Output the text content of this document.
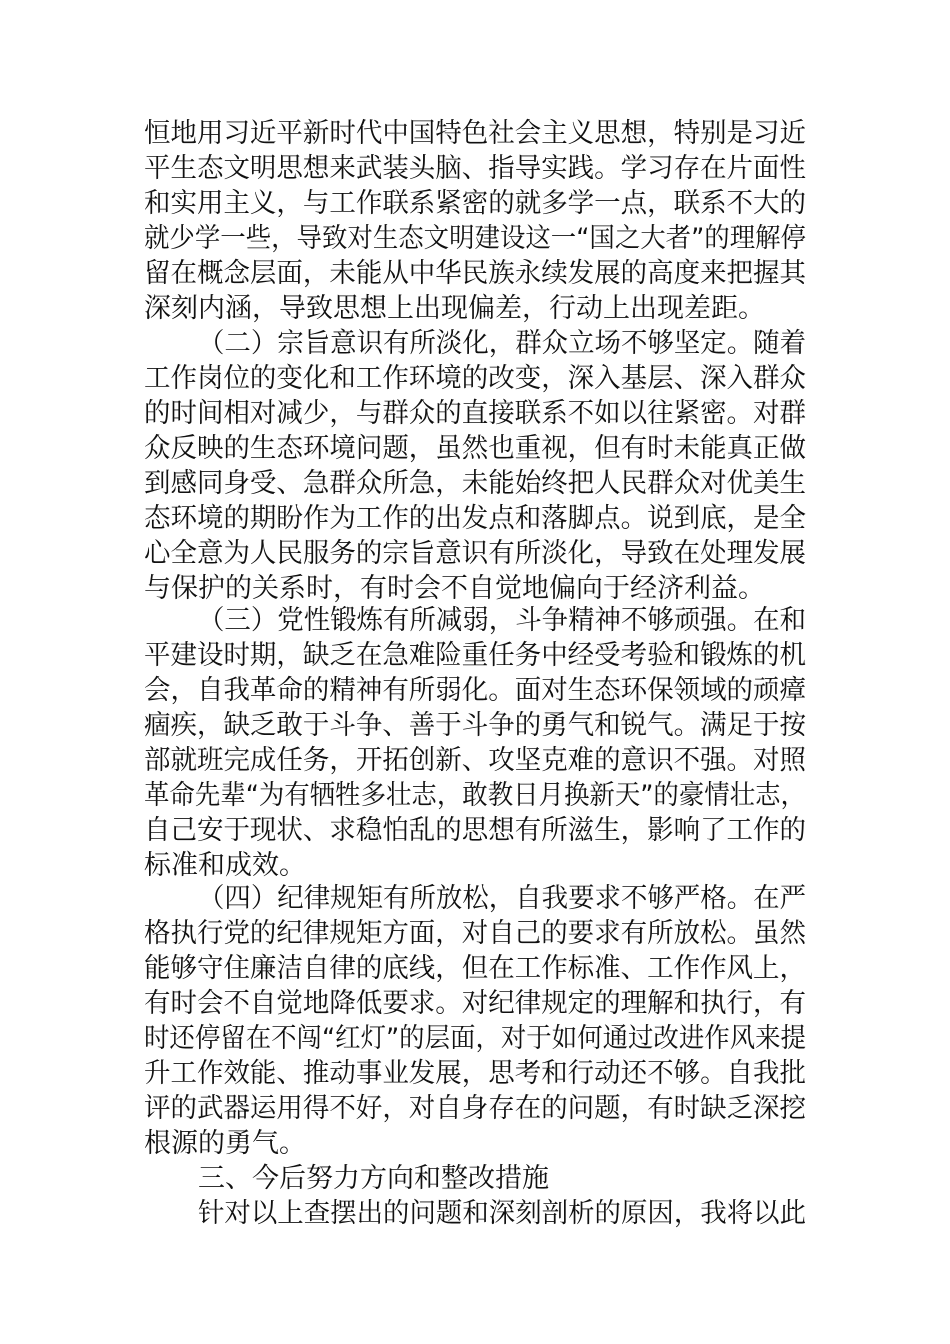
恒地用习近平新时代中国特色社会主义思想，特别是习近
平生态文明思想来武装头脑、指导实践。学习存在片面性
和实用主义，与工作联系紧密的就多学一点，联系不大的
就少学一些，导致对生态文明建设这一“国之大者”的理解停
留在概念层面，未能从中华民族永续发展的高度来把握其
深刻内涵，导致思想上出现偏差，行动上出现差距。
（二）宗旨意识有所淡化，群众立场不够坚定。随着
工作岗位的变化和工作环境的改变，深入基层、深入群众
的时间相对减少，与群众的直接联系不如以往紧密。对群
众反映的生态环境问题，虽然也重视，但有时未能真正做
到感同身受、急群众所急，未能始终把人民群众对优美生
态环境的期盼作为工作的出发点和落脚点。说到底，是全
心全意为人民服务的宗旨意识有所淡化，导致在处理发展
与保护的关系时，有时会不自觉地偏向于经济利益。
（三）党性锻炼有所减弱，斗争精神不够顽强。在和
平建设时期，缺乏在急难险重任务中经受考验和锻炼的机
会，自我革命的精神有所弱化。面对生态环保领域的顽瘴
痼疾，缺乏敢于斗争、善于斗争的勇气和锐气。满足于按
部就班完成任务，开拓创新、攻坚克难的意识不强。对照
革命先辈“为有牺牲多壮志，敢教日月换新天”的豪情壮志，
自己安于现状、求稳怕乱的思想有所滋生，影响了工作的
标准和成效。
（四）纪律规矩有所放松，自我要求不够严格。在严
格执行党的纪律规矩方面，对自己的要求有所放松。虽然
能够守住廉洁自律的底线，但在工作标准、工作作风上，
有时会不自觉地降低要求。对纪律规定的理解和执行，有
时还停留在不闯“红灯”的层面，对于如何通过改进作风来提
升工作效能、推动事业发展，思考和行动还不够。自我批
评的武器运用得不好，对自身存在的问题，有时缺乏深挖
根源的勇气。
三、今后努力方向和整改措施
针对以上查摆出的问题和深刻剖析的原因，我将以此
